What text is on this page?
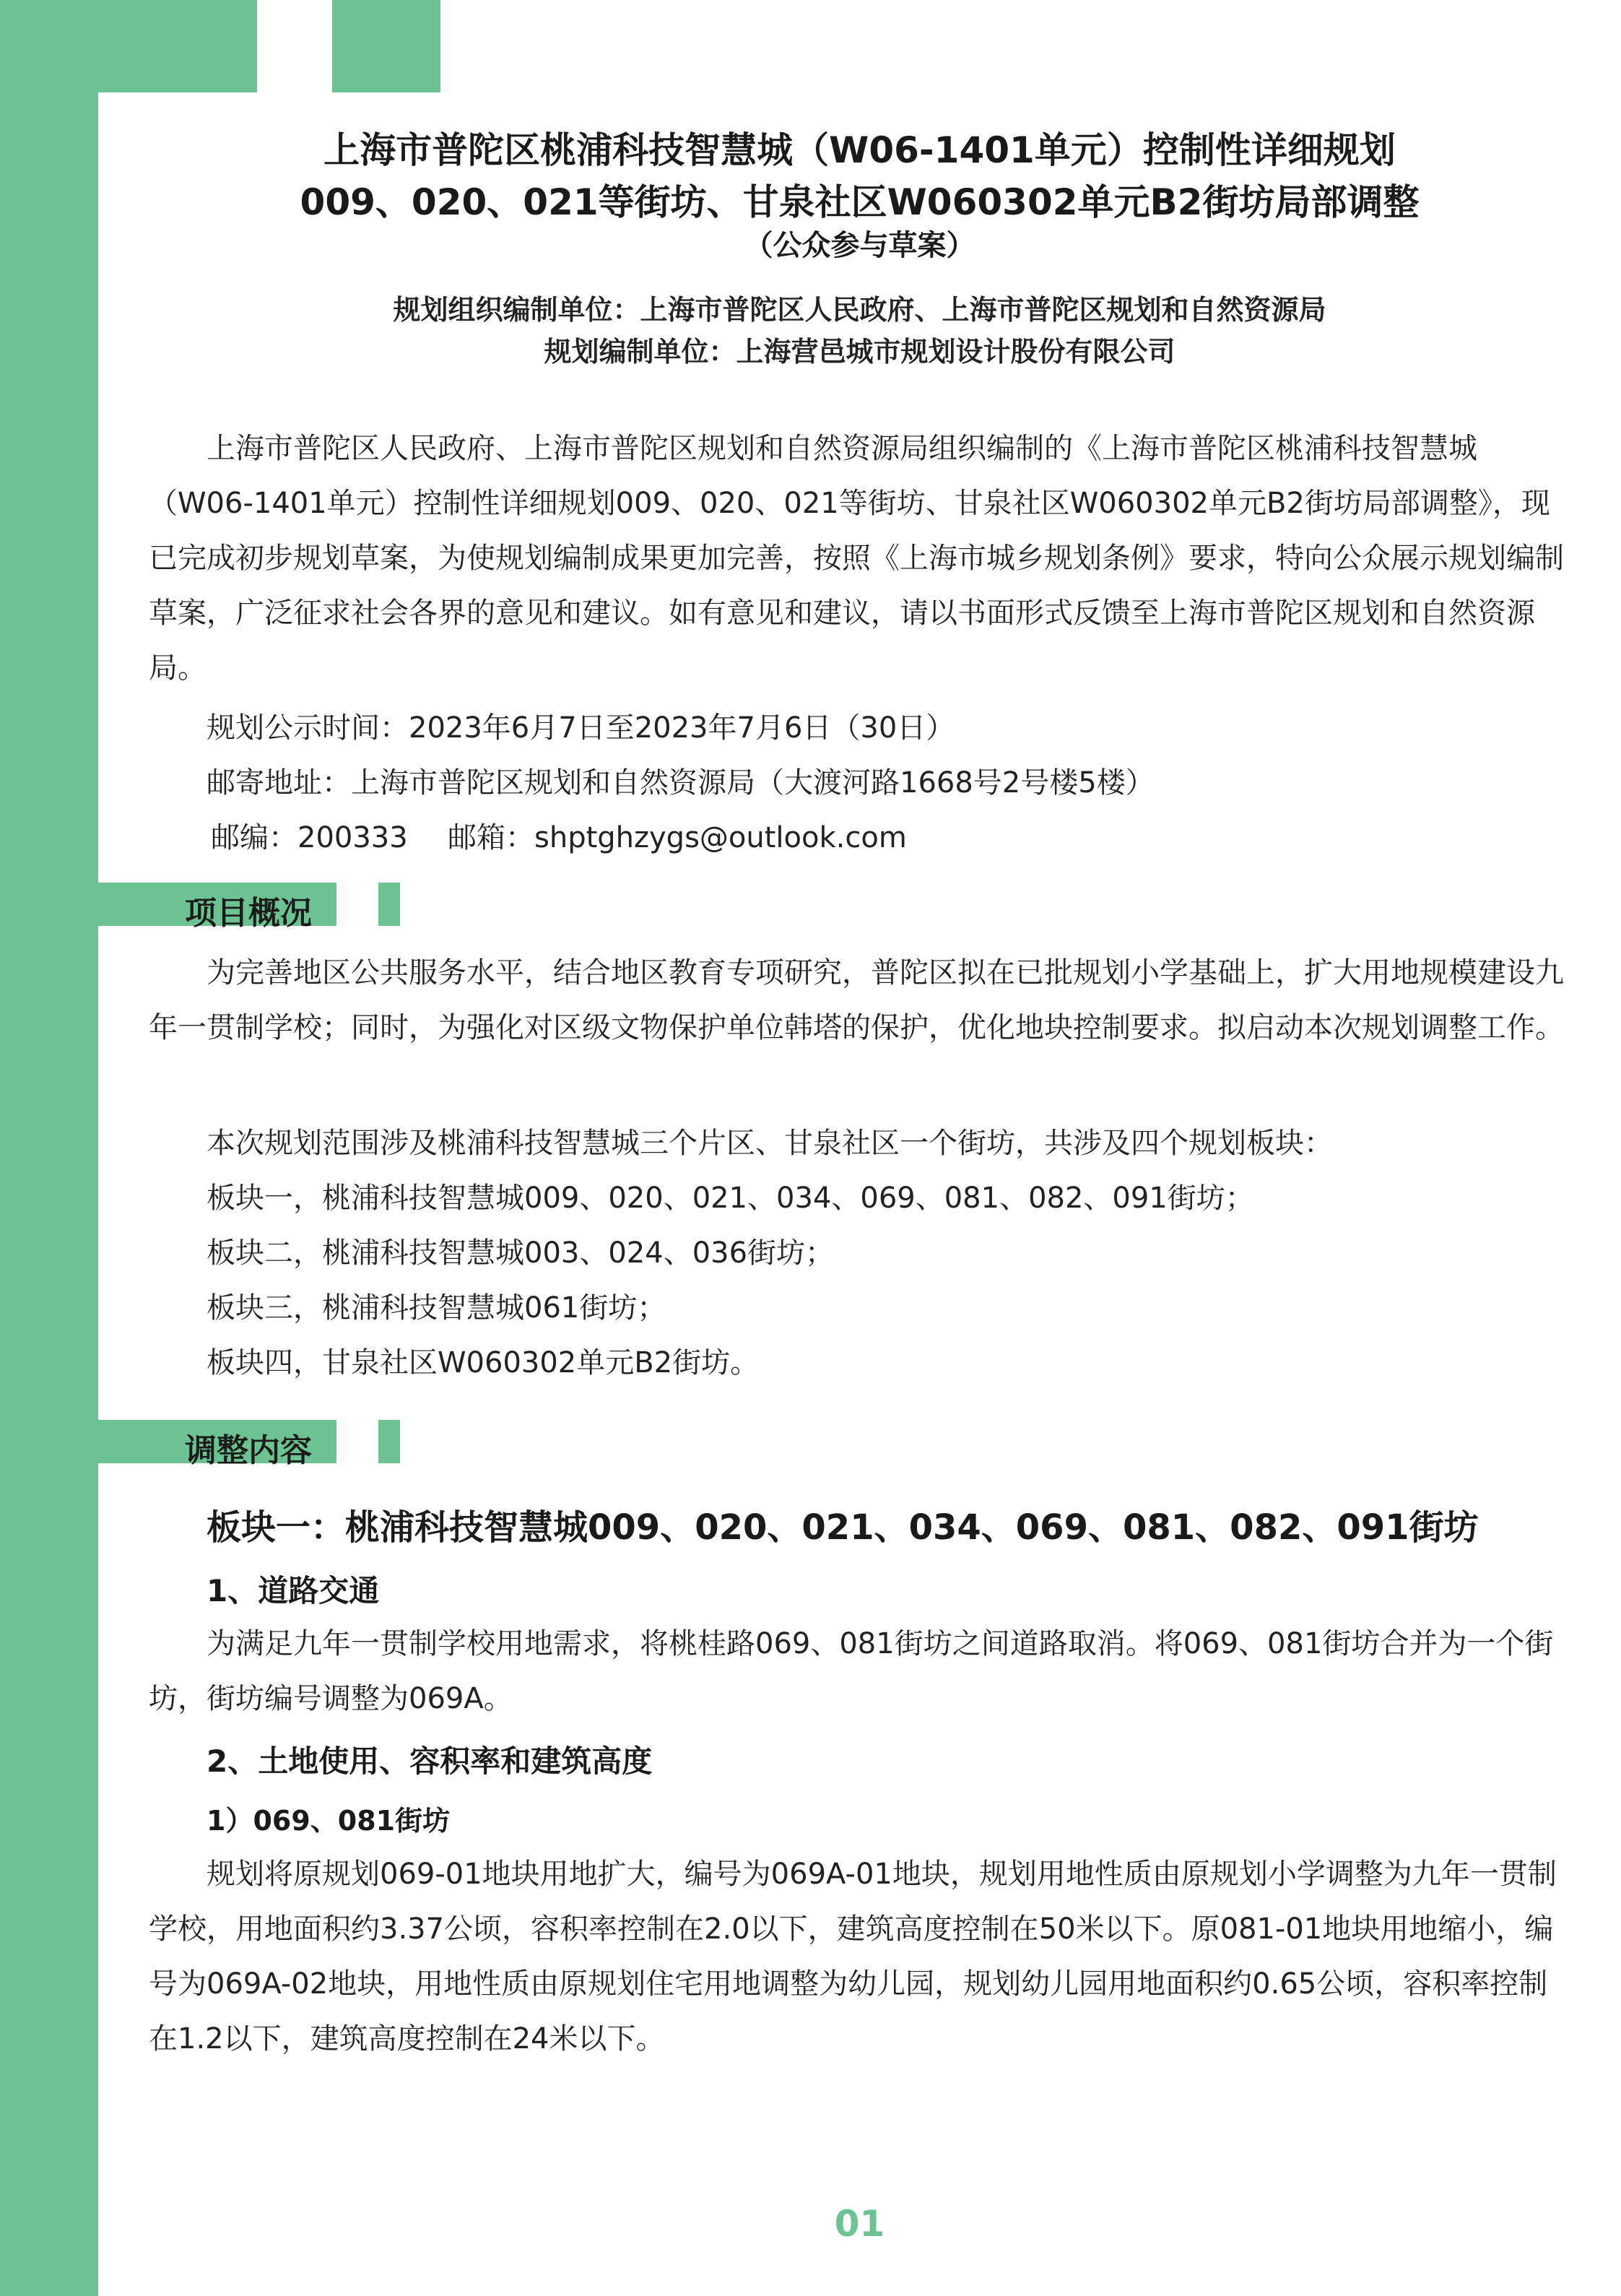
上海市普陀区桃浦科技智慧城（W06-1401单元）控制性详细规划
009、020、021等街坊、甘泉社区W060302单元B2街坊局部调整
（公众参与草案）
规划组织编制单位：上海市普陀区人民政府、上海市普陀区规划和自然资源局
规划编制单位：上海营邑城市规划设计股份有限公司
上海市普陀区人民政府、上海市普陀区规划和自然资源局组织编制的《上海市普陀区桃浦科技智慧城（W06-1401单元）控制性详细规划009、020、021等街坊、甘泉社区W060302单元B2街坊局部调整》，现已完成初步规划草案，为使规划编制成果更加完善，按照《上海市城乡规划条例》要求，特向公众展示规划编制草案，广泛征求社会各界的意见和建议。如有意见和建议，请以书面形式反馈至上海市普陀区规划和自然资源局。
规划公示时间：2023年6月7日至2023年7月6日（30日）
邮寄地址：上海市普陀区规划和自然资源局（大渡河路1668号2号楼5楼）
邮编：200333 邮箱：shptghzygs@outlook.com
项目概况
为完善地区公共服务水平，结合地区教育专项研究，普陀区拟在已批规划小学基础上，扩大用地规模建设九年一贯制学校；同时，为强化对区级文物保护单位韩塔的保护，优化地块控制要求。拟启动本次规划调整工作。
本次规划范围涉及桃浦科技智慧城三个片区、甘泉社区一个街坊，共涉及四个规划板块：
板块一，桃浦科技智慧城009、020、021、034、069、081、082、091街坊；
板块二，桃浦科技智慧城003、024、036街坊；
板块三，桃浦科技智慧城061街坊；
板块四，甘泉社区W060302单元B2街坊。
调整内容
板块一：桃浦科技智慧城009、020、021、034、069、081、082、091街坊
1、道路交通
为满足九年一贯制学校用地需求，将桃桂路069、081街坊之间道路取消。将069、081街坊合并为一个街坊，街坊编号调整为069A。
2、土地使用、容积率和建筑高度
1）069、081街坊
规划将原规划069-01地块用地扩大，编号为069A-01地块，规划用地性质由原规划小学调整为九年一贯制学校，用地面积约3.37公顷，容积率控制在2.0以下，建筑高度控制在50米以下。原081-01地块用地缩小，编号为069A-02地块，用地性质由原规划住宅用地调整为幼儿园，规划幼儿园用地面积约0.65公顷，容积率控制在1.2以下，建筑高度控制在24米以下。
01
